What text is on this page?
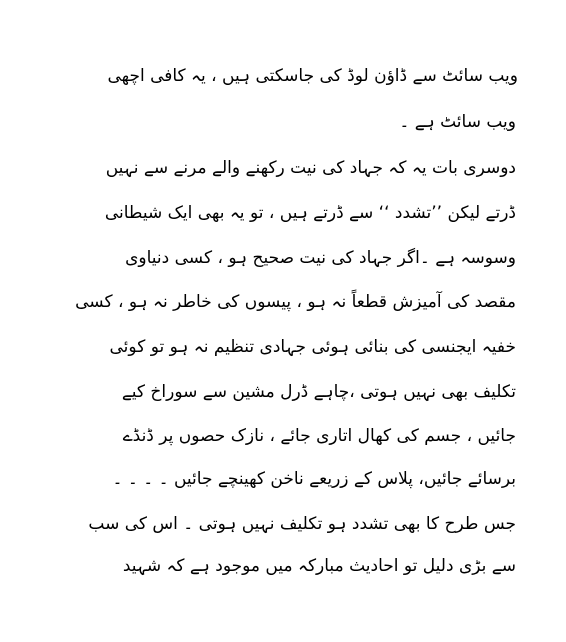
ویب سائٹ سے ڈاؤن لوڈ کی جاسکتی ہیں ، یہ کافی اچھی
ویب سائٹ ہے ۔
دوسری بات یہ کہ جہاد کی نیت رکھنے والے مرنے سے نہیں
ڈرتے لیکن ’’تشدد ‘‘ سے ڈرتے ہیں ، تو یہ بھی ایک شیطانی
وسوسہ ہے ۔اگر جہاد کی نیت صحیح ہو ، کسی دنیاوی
مقصد کی آمیزش قطعاً نہ ہو ، پیسوں کی خاطر نہ ہو ، کسی
خفیہ ایجنسی کی بنائی ہوئی جہادی تنظیم نہ ہو تو کوئی
تکلیف بھی نہیں ہوتی ،چاہے ڈرل مشین سے سوراخ کیے
جائیں ، جسم کی کھال اتاری جائے ، نازک حصوں پر ڈنڈے
برسائے جائیں، پلاس کے زریعے ناخن کھینچے جائیں ۔ ۔ ۔ ۔
جس طرح کا بھی تشدد ہو تکلیف نہیں ہوتی ۔ اس کی سب
سے بڑی دلیل تو احادیث مبارکہ میں موجود ہے کہ شہید
